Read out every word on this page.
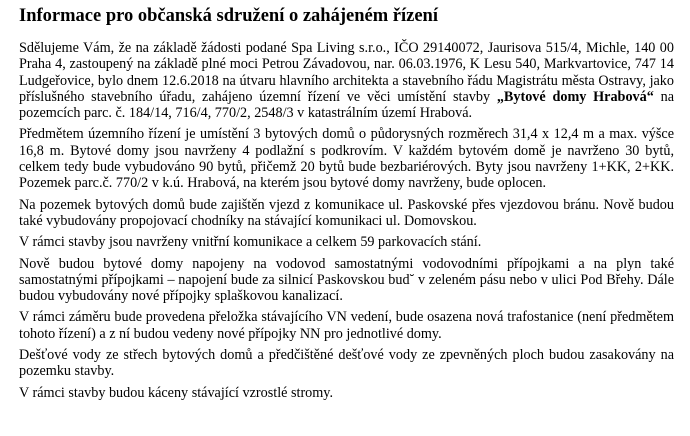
Informace pro občanská sdružení o zahájeném řízení

Sdělujeme Vám, že na základě žádosti podané Spa Living s.r.o., IČO 29140072, Jaurisova 515/4, Michle, 140 00 Praha 4, zastoupený na základě plné moci Petrou Závadovou, nar. 06.03.1976, K Lesu 540, Markvartovice, 747 14 Ludgeřovice, bylo dnem 12.6.2018 na útvaru hlavního architekta a stavebního řádu Magistrátu města Ostravy, jako příslušného stavebního úřadu, zahájeno územní řízení ve věci umístění stavby „Bytové domy Hrabová“ na pozemcích parc. č. 184/14, 716/4, 770/2, 2548/3 v katastrálním území Hrabová.

Předmětem územního řízení je umístění 3 bytových domů o půdorysných rozměrech 31,4 x 12,4 m a max. výšce 16,8 m. Bytové domy jsou navrženy 4 podlažní s podkrovím. V každém bytovém domě je navrženo 30 bytů, celkem tedy bude vybudováno 90 bytů, přičemž 20 bytů bude bezbariérových. Byty jsou navrženy 1+KK, 2+KK. Pozemek parc.č. 770/2 v k.ú. Hrabová, na kterém jsou bytové domy navrženy, bude oplocen.

Na pozemek bytových domů bude zajištěn vjezd z komunikace ul. Paskovské přes vjezdovou bránu. Nově budou také vybudovány propojovací chodníky na stávající komunikaci ul. Domovskou.

V rámci stavby jsou navrženy vnitřní komunikace a celkem 59 parkovacích stání.

Nově budou bytové domy napojeny na vodovod samostatnými vodovodními přípojkami a na plyn také samostatnými přípojkami – napojení bude za silnicí Paskovskou bud˘ v zeleném pásu nebo v ulici Pod Břehy. Dále budou vybudovány nové přípojky splaškovou kanalizací.

V rámci záměru bude provedena přeložka stávajícího VN vedení, bude osazena nová trafostanice (není předmětem tohoto řízení) a z ní budou vedeny nové přípojky NN pro jednotlivé domy.

Dešťové vody ze střech bytových domů a předčištěné dešťové vody ze zpevněných ploch budou zasakovány na pozemku stavby.

V rámci stavby budou káceny stávající vzrostlé stromy.
